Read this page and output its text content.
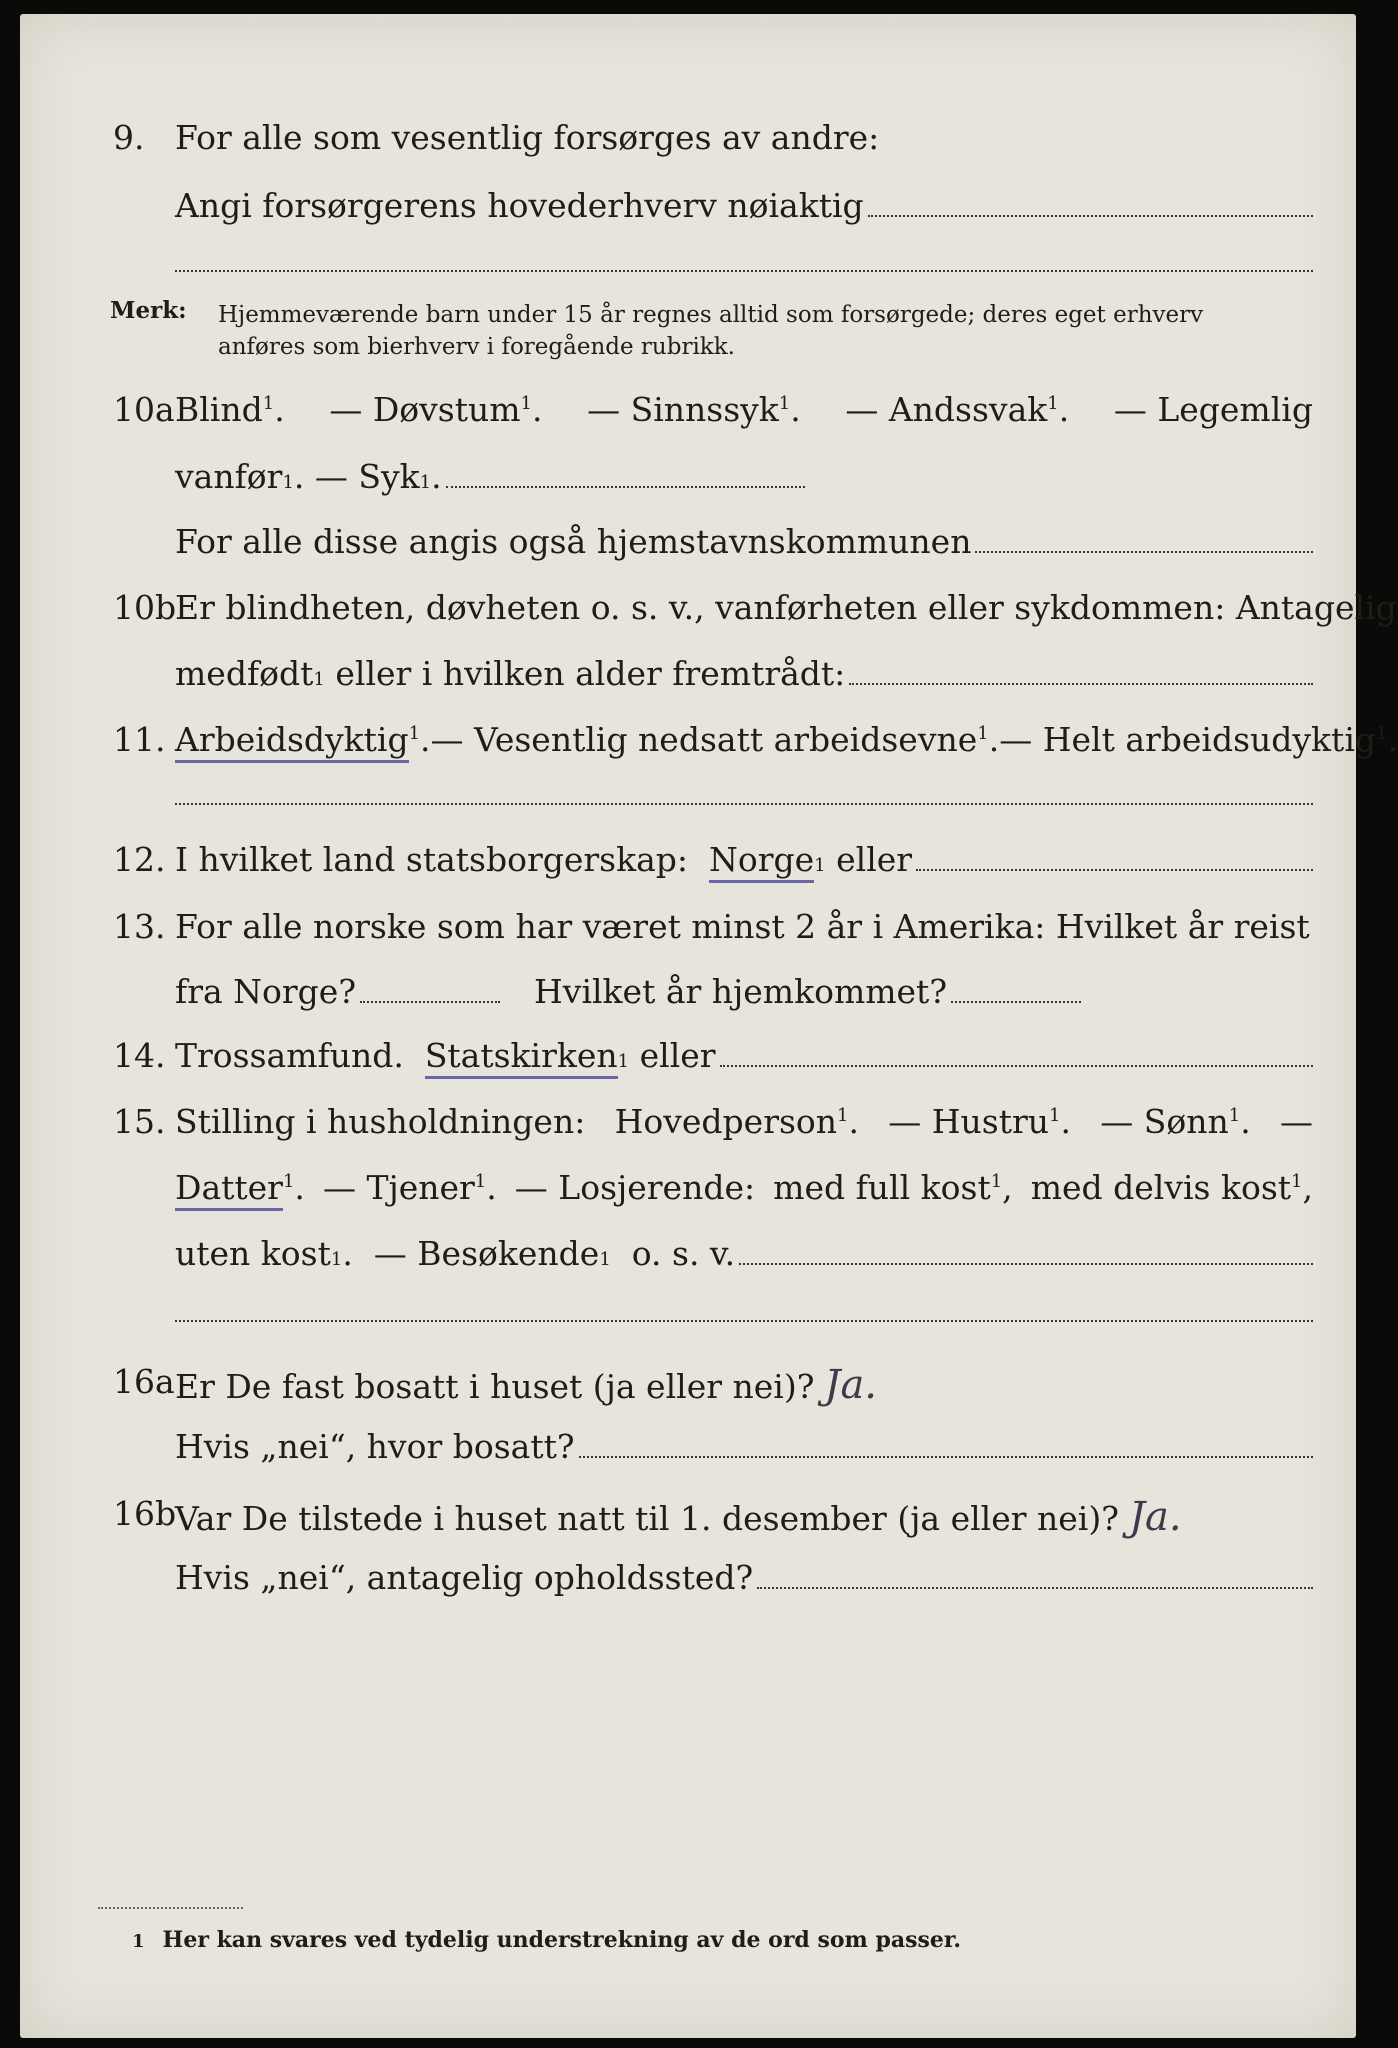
9. For alle som vesentlig forsørges av andre:
Angi forsørgerens hovederhverv nøiaktig
Merk: Hjemmeværende barn under 15 år regnes alltid som forsørgede; deres eget erhverv
anføres som bierhverv i foregående rubrikk.
10a Blind$^1$. — Døvstum$^1$. — Sinnssyk$^1$. — Andssvak$^1$. — Legemlig
vanfør 1 . — Syk 1 .
For alle disse angis også hjemstavnskommunen
10b
Er blindheten, døvheten o. s. v., vanførheten eller sykdommen: Antagelig
medfødt 1
eller i hvilken alder fremtrådt:
11. Arbeidsdyktig$^1$. — Vesentlig nedsatt arbeidsevne$^1$. — Helt arbeidsudyktig$^1$.
12. I hvilket land statsborgerskap:
Norge 1
eller
13. For alle norske som har været minst 2 år i Amerika: Hvilket år reist
fra Norge?	Hvilket år hjemkommet?
14. Trossamfund.
Statskirken 1
eller
15. Stilling i husholdningen: Hovedperson$^1$. — Hustru$^1$. — Sønn$^1$. —
Datter$^1$. — Tjener$^1$. — Losjerende: med full kost$^1$, med delvis kost$^1$,
uten kost 1 . — Besøkende 1
o. s. v.
16a Er De fast bosatt i huset (ja eller nei)? Ja.
Hvis „nei“, hvor bosatt?
16b
Var De tilstede i huset natt til 1. desember (ja eller nei)? Ja.
Hvis „nei“, antagelig opholdssted?
1 Her kan svares ved tydelig understrekning av de ord som passer.
